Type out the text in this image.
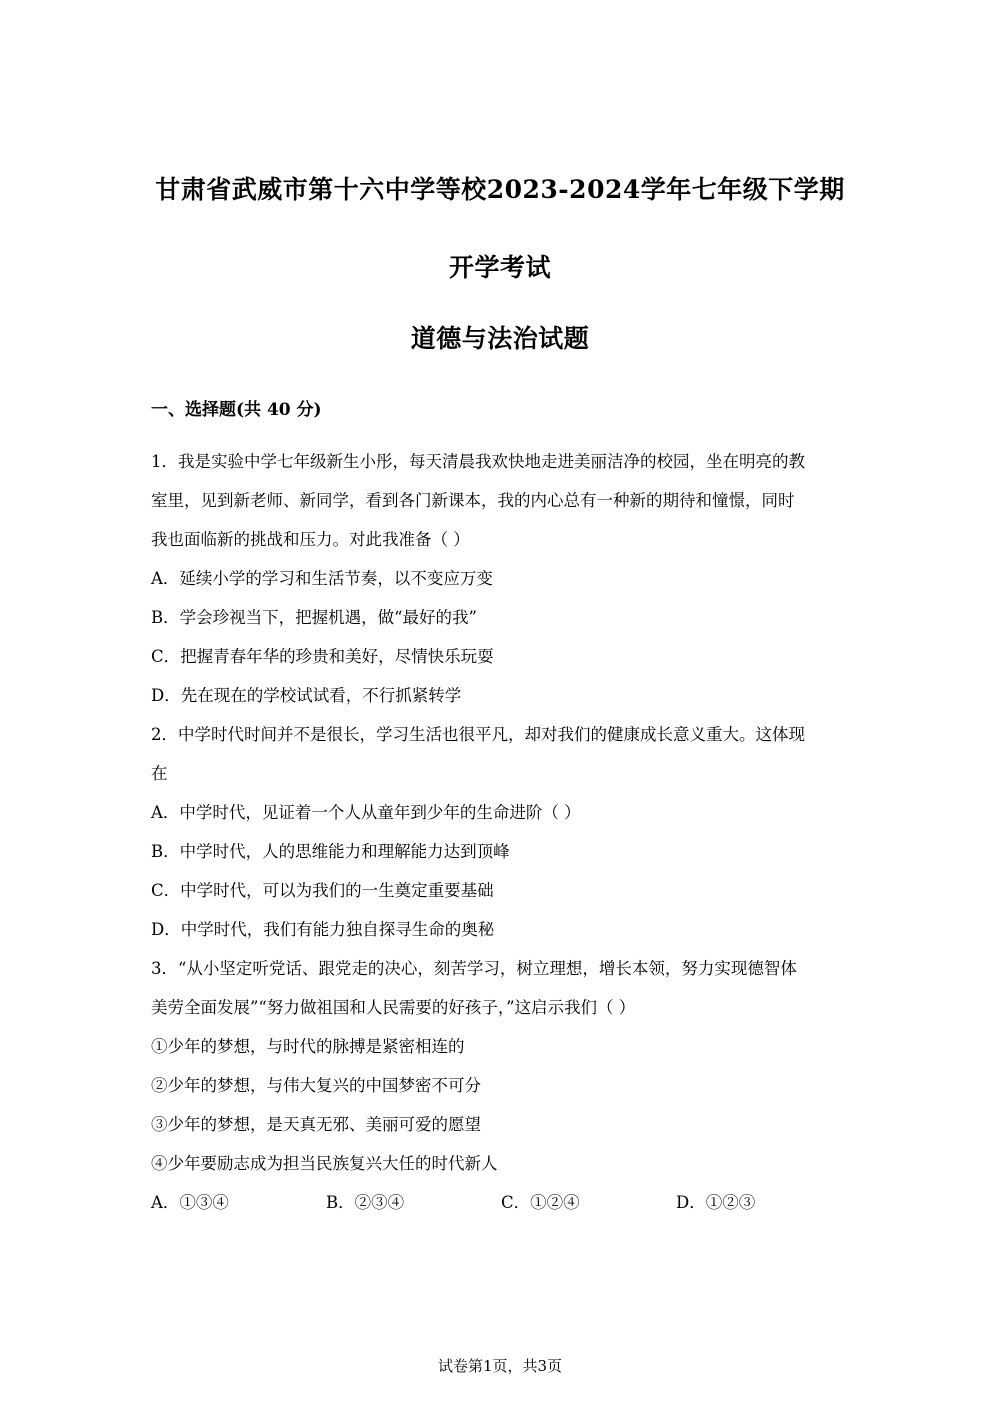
甘肃省武威市第十六中学等校2023-2024学年七年级下学期
开学考试
道德与法治试题
一、选择题(共 40 分)
1．我是实验中学七年级新生小彤，每天清晨我欢快地走进美丽洁净的校园，坐在明亮的教
室里，见到新老师、新同学，看到各门新课本，我的内心总有一种新的期待和憧憬，同时
我也面临新的挑战和压力。对此我准备（ ）
A．延续小学的学习和生活节奏，以不变应万变
B．学会珍视当下，把握机遇，做“最好的我”
C．把握青春年华的珍贵和美好，尽情快乐玩耍
D．先在现在的学校试试看，不行抓紧转学
2．中学时代时间并不是很长，学习生活也很平凡，却对我们的健康成长意义重大。这体现
在
A．中学时代，见证着一个人从童年到少年的生命进阶（ ）
B．中学时代，人的思维能力和理解能力达到顶峰
C．中学时代，可以为我们的一生奠定重要基础
D．中学时代，我们有能力独自探寻生命的奥秘
3．“从小坚定听党话、跟党走的决心，刻苦学习，树立理想，增长本领，努力实现德智体
美劳全面发展”“努力做祖国和人民需要的好孩子，”这启示我们（ ）
①少年的梦想，与时代的脉搏是紧密相连的
②少年的梦想，与伟大复兴的中国梦密不可分
③少年的梦想，是天真无邪、美丽可爱的愿望
④少年要励志成为担当民族复兴大任的时代新人
A．①③④	B．②③④	C．①②④	D．①②③
试卷第1页，共3页
